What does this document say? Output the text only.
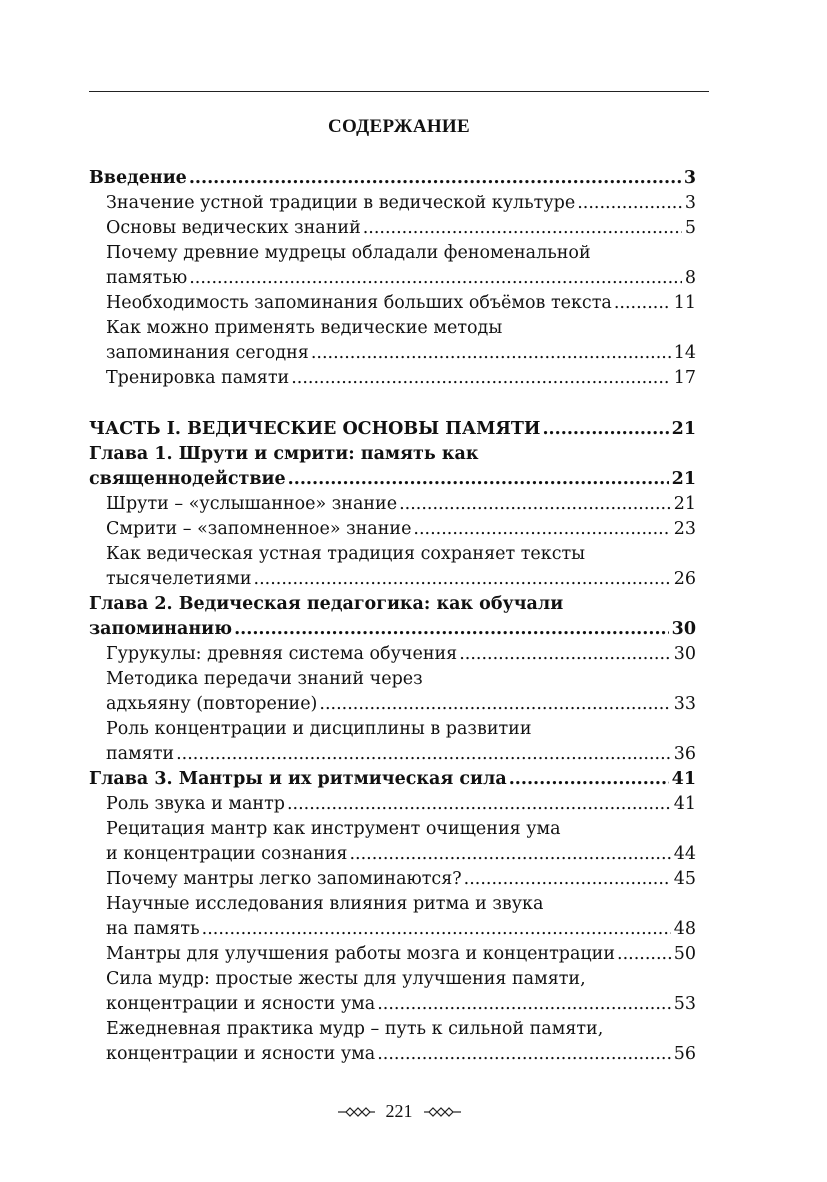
СОДЕРЖАНИЕ
Введение .....	3
Значение устной традиции в ведической культуре .....	3
Основы ведических знаний .....	5
Почему древние мудрецы обладали феноменальной
памятью .....	8
Необходимость запоминания больших объёмов текста .....	11
Как можно применять ведические методы
запоминания сегодня .....	14
Тренировка памяти .....	17
ЧАСТЬ I. ВЕДИЧЕСКИЕ ОСНОВЫ ПАМЯТИ .....	21
Глава 1. Шрути и смрити: память как
священнодействие .....	21
Шрути – «услышанное» знание .....	21
Смрити – «запомненное» знание .....	23
Как ведическая устная традиция сохраняет тексты
тысячелетиями .....	26
Глава 2. Ведическая педагогика: как обучали
запоминанию .....	30
Гурукулы: древняя система обучения .....	30
Методика передачи знаний через
адхьяяну (повторение) .....	33
Роль концентрации и дисциплины в развитии
памяти .....	36
Глава 3. Мантры и их ритмическая сила .....	41
Роль звука и мантр .....	41
Рецитация мантр как инструмент очищения ума
и концентрации сознания .....	44
Почему мантры легко запоминаются? .....	45
Научные исследования влияния ритма и звука
на память .....	48
Мантры для улучшения работы мозга и концентрации .....	50
Сила мудр: простые жесты для улучшения памяти,
концентрации и ясности ума .....	53
Ежедневная практика мудр – путь к сильной памяти,
концентрации и ясности ума .....	56
221
